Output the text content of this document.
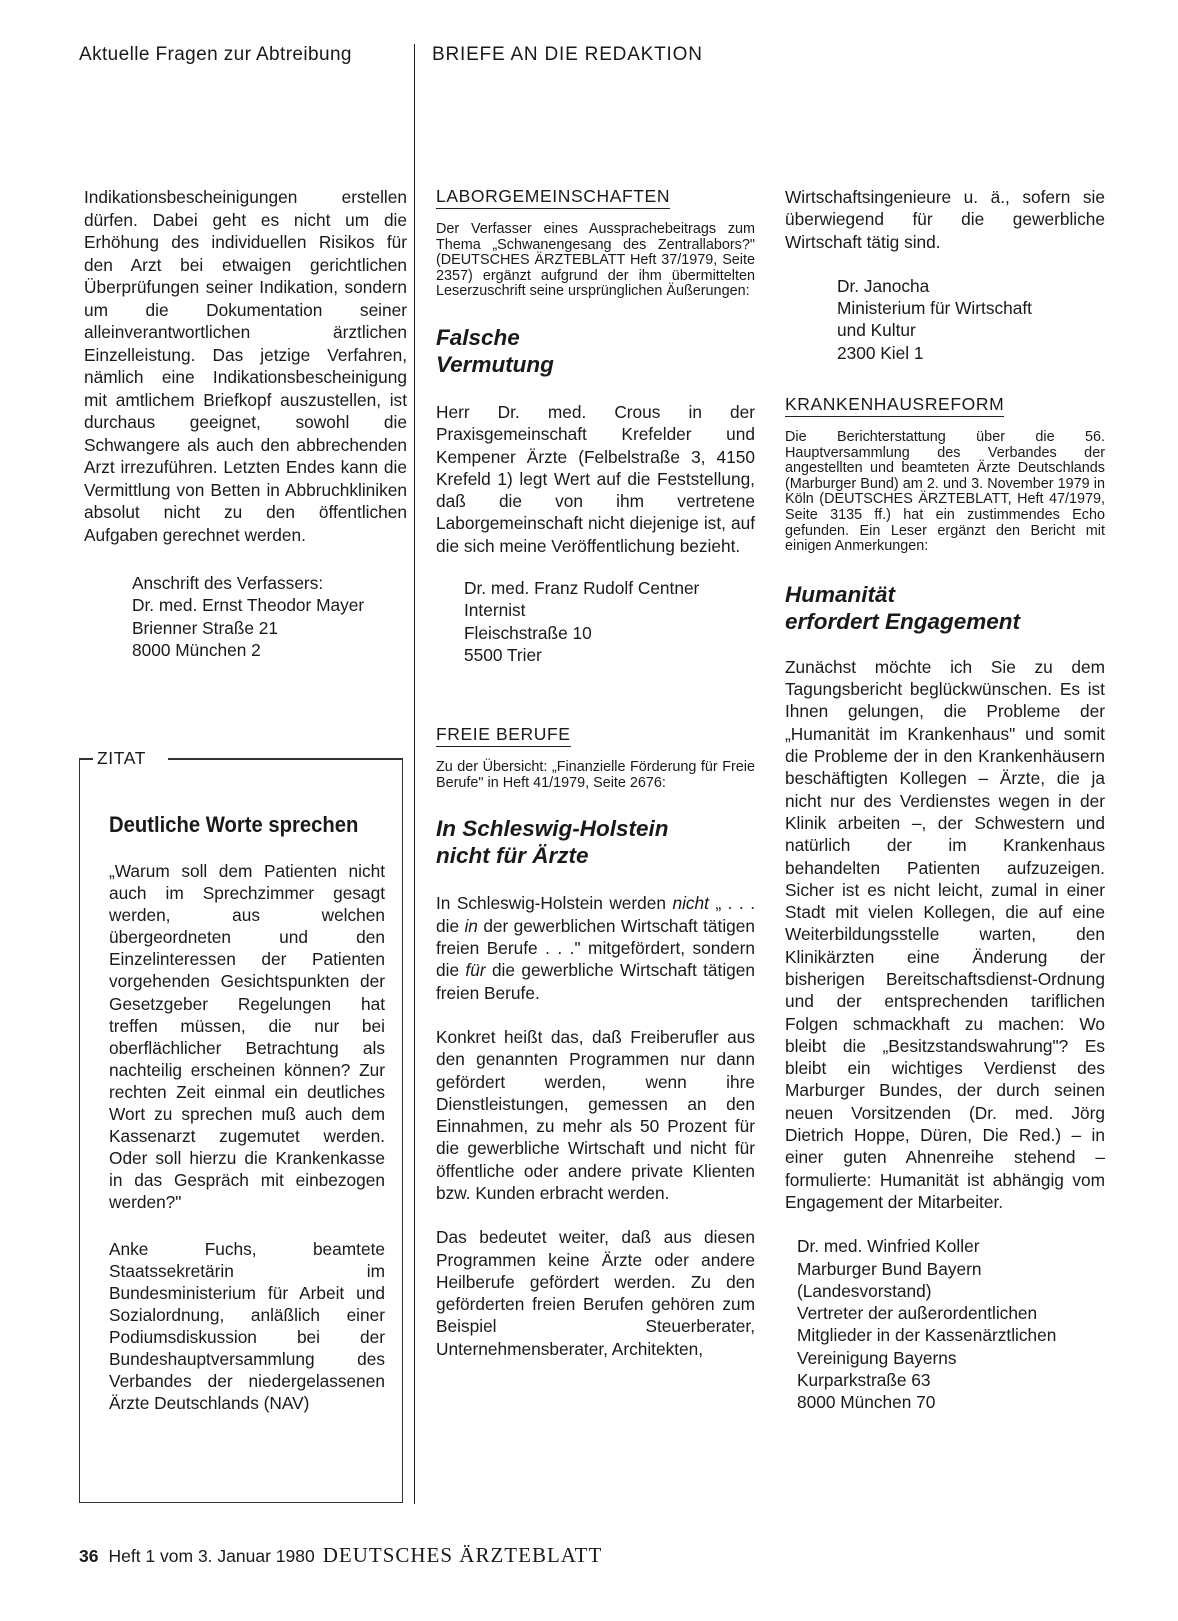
Aktuelle Fragen zur Abtreibung	BRIEFE AN DIE REDAKTION

Indikationsbescheinigungen erstellen dürfen. Dabei geht es nicht um die Erhöhung des individuellen Risikos für den Arzt bei etwaigen gerichtlichen Überprüfungen seiner Indikation, sondern um die Dokumentation seiner alleinverantwortlichen ärztlichen Einzelleistung. Das jetzige Verfahren, nämlich eine Indikationsbescheinigung mit amtlichem Briefkopf auszustellen, ist durchaus geeignet, sowohl die Schwangere als auch den abbrechenden Arzt irrezuführen. Letzten Endes kann die Vermittlung von Betten in Abbruchkliniken absolut nicht zu den öffentlichen Aufgaben gerechnet werden.

Anschrift des Verfassers:
Dr. med. Ernst Theodor Mayer
Brienner Straße 21
8000 München 2
ZITAT
Deutliche Worte sprechen

„Warum soll dem Patienten nicht auch im Sprechzimmer gesagt werden, aus welchen übergeordneten und den Einzelinteressen der Patienten vorgehenden Gesichtspunkten der Gesetzgeber Regelungen hat treffen müssen, die nur bei oberflächlicher Betrachtung als nachteilig erscheinen können? Zur rechten Zeit einmal ein deutliches Wort zu sprechen muß auch dem Kassenarzt zugemutet werden. Oder soll hierzu die Krankenkasse in das Gespräch mit einbezogen werden?"

Anke Fuchs, beamtete Staatssekretärin im Bundesministerium für Arbeit und Sozialordnung, anläßlich einer Podiumsdiskussion bei der Bundeshauptversammlung des Verbandes der niedergelassenen Ärzte Deutschlands (NAV)

LABORGEMEINSCHAFTEN

Der Verfasser eines Aussprachebeitrags zum Thema „Schwanengesang des Zentrallabors?" (DEUTSCHES ÄRZTEBLATT Heft 37/1979, Seite 2357) ergänzt aufgrund der ihm übermittelten Leserzuschrift seine ursprünglichen Äußerungen:

Falsche
Vermutung

Herr Dr. med. Crous in der Praxisgemeinschaft Krefelder und Kempener Ärzte (Felbelstraße 3, 4150 Krefeld 1) legt Wert auf die Feststellung, daß die von ihm vertretene Laborgemeinschaft nicht diejenige ist, auf die sich meine Veröffentlichung bezieht.

Dr. med. Franz Rudolf Centner
Internist
Fleischstraße 10
5500 Trier
FREIE BERUFE

Zu der Übersicht: „Finanzielle Förderung für Freie Berufe" in Heft 41/1979, Seite 2676:

In Schleswig-Holstein
nicht für Ärzte

In Schleswig-Holstein werden nicht „ . . . die in der gewerblichen Wirtschaft tätigen freien Berufe . . ." mitgefördert, sondern die für die gewerbliche Wirtschaft tätigen freien Berufe.

Konkret heißt das, daß Freiberufler aus den genannten Programmen nur dann gefördert werden, wenn ihre Dienstleistungen, gemessen an den Einnahmen, zu mehr als 50 Prozent für die gewerbliche Wirtschaft und nicht für öffentliche oder andere private Klienten bzw. Kunden erbracht werden.

Das bedeutet weiter, daß aus diesen Programmen keine Ärzte oder andere Heilberufe gefördert werden. Zu den geförderten freien Berufen gehören zum Beispiel Steuerberater, Unternehmensberater, Architekten,

Wirtschaftsingenieure u. ä., sofern sie überwiegend für die gewerbliche Wirtschaft tätig sind.

Dr. Janocha
Ministerium für Wirtschaft
und Kultur
2300 Kiel 1
KRANKENHAUSREFORM

Die Berichterstattung über die 56. Hauptversammlung des Verbandes der angestellten und beamteten Ärzte Deutschlands (Marburger Bund) am 2. und 3. November 1979 in Köln (DEUTSCHES ÄRZTEBLATT, Heft 47/1979, Seite 3135 ff.) hat ein zustimmendes Echo gefunden. Ein Leser ergänzt den Bericht mit einigen Anmerkungen:

Humanität
erfordert Engagement

Zunächst möchte ich Sie zu dem Tagungsbericht beglückwünschen. Es ist Ihnen gelungen, die Probleme der „Humanität im Krankenhaus" und somit die Probleme der in den Krankenhäusern beschäftigten Kollegen – Ärzte, die ja nicht nur des Verdienstes wegen in der Klinik arbeiten –, der Schwestern und natürlich der im Krankenhaus behandelten Patienten aufzuzeigen. Sicher ist es nicht leicht, zumal in einer Stadt mit vielen Kollegen, die auf eine Weiterbildungsstelle warten, den Klinikärzten eine Änderung der bisherigen Bereitschaftsdienst-Ordnung und der entsprechenden tariflichen Folgen schmackhaft zu machen: Wo bleibt die „Besitzstandswahrung"? Es bleibt ein wichtiges Verdienst des Marburger Bundes, der durch seinen neuen Vorsitzenden (Dr. med. Jörg Dietrich Hoppe, Düren, Die Red.) – in einer guten Ahnenreihe stehend – formulierte: Humanität ist abhängig vom Engagement der Mitarbeiter.

Dr. med. Winfried Koller
Marburger Bund Bayern
(Landesvorstand)
Vertreter der außerordentlichen
Mitglieder in der Kassenärztlichen
Vereinigung Bayerns
Kurparkstraße 63
8000 München 70
36 Heft 1 vom 3. Januar 1980 DEUTSCHES ÄRZTEBLATT
